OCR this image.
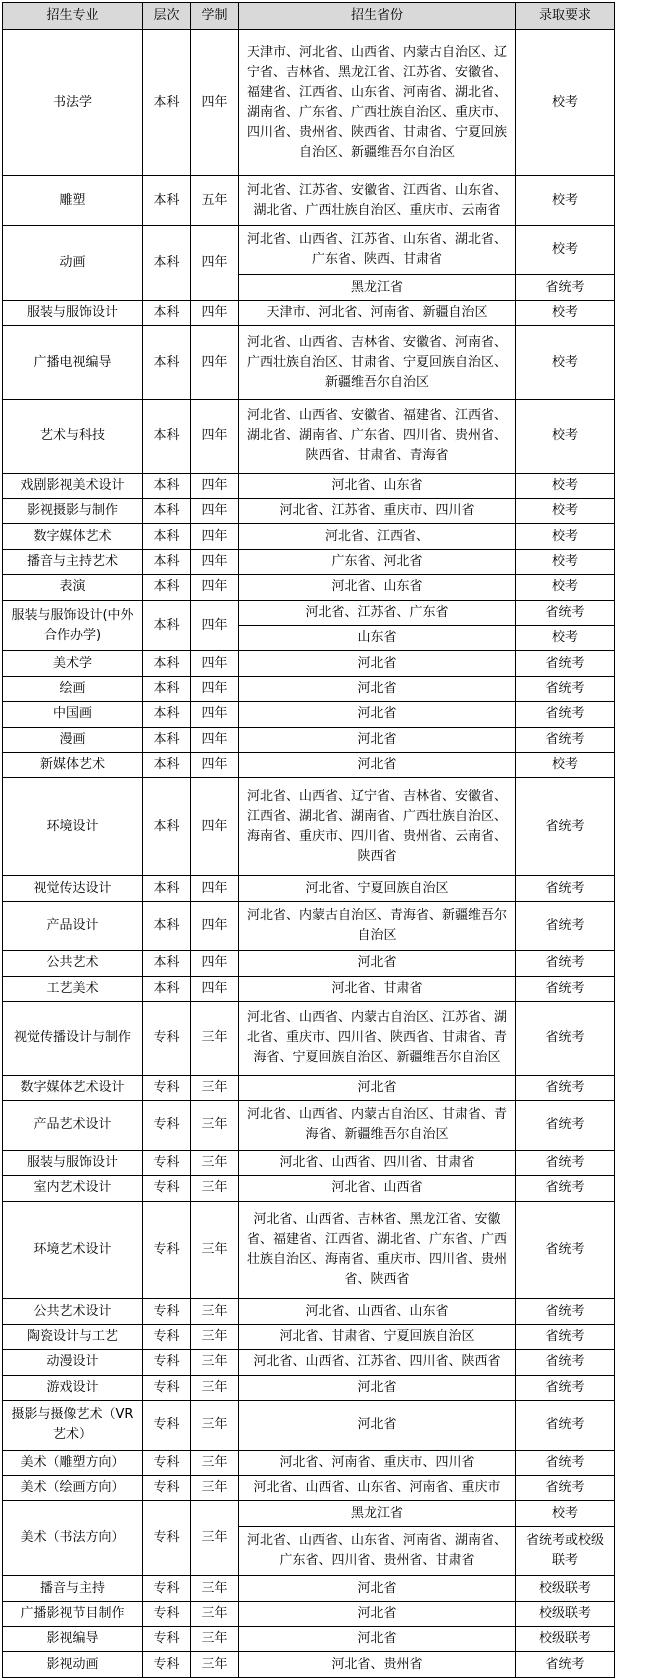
招生专业	层次	学制	招生省份	录取要求
书法学	本科	四年	天津市、河北省、山西省、内蒙古自治区、辽宁省、吉林省、黑龙江省、江苏省、安徽省、福建省、江西省、山东省、河南省、湖北省、湖南省、广东省、广西壮族自治区、重庆市、四川省、贵州省、陕西省、甘肃省、宁夏回族自治区、新疆维吾尔自治区	校考
雕塑	本科	五年	河北省、江苏省、安徽省、江西省、山东省、湖北省、广西壮族自治区、重庆市、云南省	校考
动画	本科	四年	河北省、山西省、江苏省、山东省、湖北省、广东省、陕西、甘肃省	校考
			黑龙江省	省统考
服装与服饰设计	本科	四年	天津市、河北省、河南省、新疆自治区	校考
广播电视编导	本科	四年	河北省、山西省、吉林省、安徽省、河南省、广西壮族自治区、甘肃省、宁夏回族自治区、新疆维吾尔自治区	校考
艺术与科技	本科	四年	河北省、山西省、安徽省、福建省、江西省、湖北省、湖南省、广东省、四川省、贵州省、陕西省、甘肃省、青海省	校考
戏剧影视美术设计	本科	四年	河北省、山东省	校考
影视摄影与制作	本科	四年	河北省、江苏省、重庆市、四川省	校考
数字媒体艺术	本科	四年	河北省、江西省、	校考
播音与主持艺术	本科	四年	广东省、河北省	校考
表演	本科	四年	河北省、山东省	校考
服装与服饰设计(中外合作办学)	本科	四年	河北省、江苏省、广东省	省统考
			山东省	校考
美术学	本科	四年	河北省	省统考
绘画	本科	四年	河北省	省统考
中国画	本科	四年	河北省	省统考
漫画	本科	四年	河北省	省统考
新媒体艺术	本科	四年	河北省	校考
环境设计	本科	四年	河北省、山西省、辽宁省、吉林省、安徽省、江西省、湖北省、湖南省、广西壮族自治区、海南省、重庆市、四川省、贵州省、云南省、陕西省	省统考
视觉传达设计	本科	四年	河北省、宁夏回族自治区	省统考
产品设计	本科	四年	河北省、内蒙古自治区、青海省、新疆维吾尔自治区	省统考
公共艺术	本科	四年	河北省	省统考
工艺美术	本科	四年	河北省、甘肃省	省统考
视觉传播设计与制作	专科	三年	河北省、山西省、内蒙古自治区、江苏省、湖北省、重庆市、四川省、陕西省、甘肃省、青海省、宁夏回族自治区、新疆维吾尔自治区	省统考
数字媒体艺术设计	专科	三年	河北省	省统考
产品艺术设计	专科	三年	河北省、山西省、内蒙古自治区、甘肃省、青海省、新疆维吾尔自治区	省统考
服装与服饰设计	专科	三年	河北省、山西省、四川省、甘肃省	省统考
室内艺术设计	专科	三年	河北省、山西省	省统考
环境艺术设计	专科	三年	河北省、山西省、吉林省、黑龙江省、安徽省、福建省、江西省、湖北省、广东省、广西壮族自治区、海南省、重庆市、四川省、贵州省、陕西省	省统考
公共艺术设计	专科	三年	河北省、山西省、山东省	省统考
陶瓷设计与工艺	专科	三年	河北省、甘肃省、宁夏回族自治区	省统考
动漫设计	专科	三年	河北省、山西省、江苏省、四川省、陕西省	省统考
游戏设计	专科	三年	河北省	省统考
摄影与摄像艺术（VR艺术）	专科	三年	河北省	省统考
美术（雕塑方向）	专科	三年	河北省、河南省、重庆市、四川省	省统考
美术（绘画方向）	专科	三年	河北省、山西省、山东省、河南省、重庆市	省统考
美术（书法方向）	专科	三年	黑龙江省	校考
			河北省、山西省、山东省、河南省、湖南省、广东省、四川省、贵州省、甘肃省	省统考或校级联考
播音与主持	专科	三年	河北省	校级联考
广播影视节目制作	专科	三年	河北省	校级联考
影视编导	专科	三年	河北省	校级联考
影视动画	专科	三年	河北省、贵州省	省统考
